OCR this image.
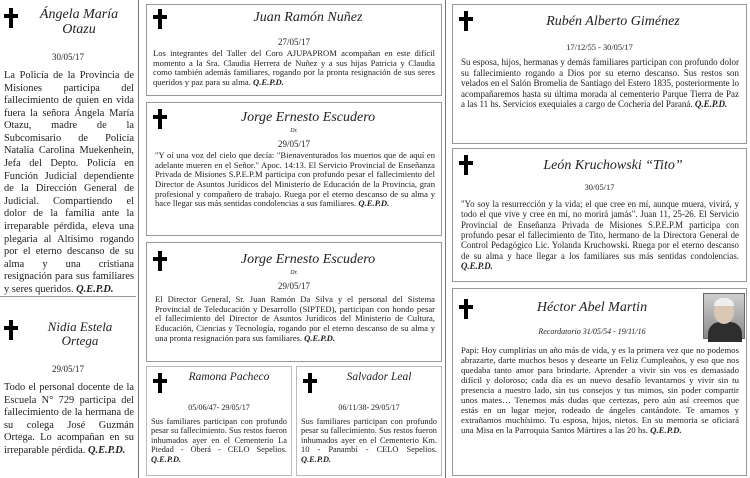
Ángela María Otazu
30/05/17
La Policía de la Provincia de Misiones participa del fallecimiento de quien en vida fuera la señora Ángela María Otazu, madre de la Subcomisario de Policía Natalia Carolina Muekenhein, Jefa del Depto. Policía en Función Judicial dependiente de la Dirección General de Judicial. Compartiendo el dolor de la familia ante la irreparable pérdida, eleva una plegaria al Altísimo rogando por el eterno descanso de su alma y una cristiana resignación para sus familiares y seres queridos. Q.E.P.D.
Nidia Estela Ortega
29/05/17
Todo el personal docente de la Escuela N° 729 participa del fallecimiento de la hermana de su colega José Guzmán Ortega. Lo acompañan en su irreparable pérdida. Q.E.P.D.
Juan Ramón Nuñez
27/05/17
Los integrantes del Taller del Coro AJUPAPROM acompañan en este difícil momento a la Sra. Claudia Herrera de Nuñez y a sus hijas Patricia y Claudia como también además familiares, rogando por la pronta resignación de sus seres queridos y paz para su alma. Q.E.P.D.
Jorge Ernesto Escudero
Dr.
29/05/17
"Y oí una voz del cielo que decía: "Bienaventurados los muertos que de aquí en adelante mueren en el Señor." Apoc. 14:13. El Servicio Provincial de Enseñanza Privada de Misiones S.P.E.P.M participa con profundo pesar el fallecimiento del Director de Asuntos Jurídicos del Ministerio de Educación de la Provincia, gran profesional y compañero de trabajo. Ruega por el eterno descanso de su alma y hace llegar sus más sentidas condolencias a sus familiares. Q.E.P.D.
Jorge Ernesto Escudero
Dr.
29/05/17
El Director General, Sr. Juan Ramón Da Silva y el personal del Sistema Provincial de Teleducación y Desarrollo (SIPTED), participan con hondo pesar el fallecimiento del Director de Asuntos Jurídicos del Ministerio de Cultura, Educación, Ciencias y Tecnología, rogando por el eterno descanso de su alma y una pronta resignación para sus familiares. Q.E.P.D.
Ramona Pacheco
05/06/47- 29/05/17
Sus familiares participan con profundo pesar su fallecimiento. Sus restos fueron inhumados ayer en el Cementerio La Piedad - Oberá - CELO Sepelios. Q.E.P.D.
Salvador Leal
06/11/38- 29/05/17
Sus familiares participan con profundo pesar su fallecimiento. Sus restos fueron inhumados ayer en el Cementerio Km. 10 - Panambí - CELO Sepelios. Q.E.P.D.
Rubén Alberto Giménez
17/12/55 - 30/05/17
Su esposa, hijos, hermanas y demás familiares participan con profundo dolor su fallecimiento rogando a Dios por su eterno descanso. Sus restos son velados en el Salón Bromelia de Santiago del Estero 1835, posteriormente lo acompañaremos hasta su última morada al cementerio Parque Tierra de Paz a las 11 hs. Servicios exequiales a cargo de Cochería del Paraná. Q.E.P.D.
León Kruchowski “Tito”
30/05/17
"Yo soy la resurrección y la vida; el que cree en mí, aunque muera, vivirá, y todo el que vive y cree en mí, no morirá jamás". Juan 11, 25-26. El Servicio Provincial de Enseñanza Privada de Misiones S.P.E.P.M participa con profundo pesar el fallecimiento de Tito, hermano de la Directora General de Control Pedagógico Lic. Yolanda Kruchowski. Ruega por el eterno descanso de su alma y hace llegar a los familiares sus más sentidas condolencias. Q.E.P.D.
Héctor Abel Martin
Recordatorio 31/05/54 - 19/11/16
Papi: Hoy cumplirías un año más de vida, y es la primera vez que no podemos abrazarte, darte muchos besos y desearte un Feliz Cumpleaños, y eso que nos quedaba tanto amor para brindarte. Aprender a vivir sin vos es demasiado difícil y doloroso; cada día es un nuevo desafío levantarnos y vivir sin tu presencia a nuestro lado, sin tus consejos y tus mimos, sin poder compartir unos mates… Tenemos más dudas que certezas, pero aún así creemos que estás en un lugar mejor, rodeado de ángeles cantándote. Te amamos y extrañamos muchísimo. Tu esposa, hijos, nietos. En su memoria se oficiará una Misa en la Parroquia Santos Mártires a las 20 hs. Q.E.P.D.
